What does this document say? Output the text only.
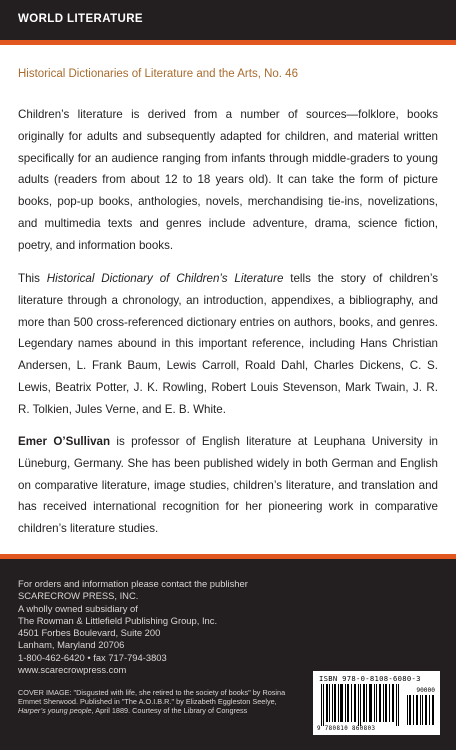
WORLD LITERATURE
Historical Dictionaries of Literature and the Arts, No. 46

Children’s literature is derived from a number of sources—folklore, books originally for adults and subsequently adapted for children, and material written specifically for an audience ranging from infants through middle-graders to young adults (readers from about 12 to 18 years old). It can take the form of picture books, pop-up books, anthologies, novels, merchandising tie-ins, novelizations, and multimedia texts and genres include adventure, drama, science fiction, poetry, and information books.

This Historical Dictionary of Children’s Literature tells the story of children’s literature through a chronology, an introduction, appendixes, a bibliography, and more than 500 cross-referenced dictionary entries on authors, books, and genres. Legendary names abound in this important reference, including Hans Christian Andersen, L. Frank Baum, Lewis Carroll, Roald Dahl, Charles Dickens, C. S. Lewis, Beatrix Potter, J. K. Rowling, Robert Louis Stevenson, Mark Twain, J. R. R. Tolkien, Jules Verne, and E. B. White.

Emer O’Sullivan is professor of English literature at Leuphana University in Lüneburg, Germany. She has been published widely in both German and English on comparative literature, image studies, children’s literature, and translation and has received international recognition for her pioneering work in comparative children’s literature studies.

For orders and information please contact the publisher
SCARECROW PRESS, INC.
A wholly owned subsidiary of
The Rowman & Littlefield Publishing Group, Inc.
4501 Forbes Boulevard, Suite 200
Lanham, Maryland 20706
1-800-462-6420 • fax 717-794-3803
www.scarecrowpress.com

COVER IMAGE: "Disgusted with life, she retired to the society of books" by Rosina Emmet Sherwood. Published in "The A.O.I.B.R." by Elizabeth Eggleston Seelye, Harper’s young people, April 1889. Courtesy of the Library of Congress

ISBN 978-0-8108-6080-3
90000
9 780810 860803
